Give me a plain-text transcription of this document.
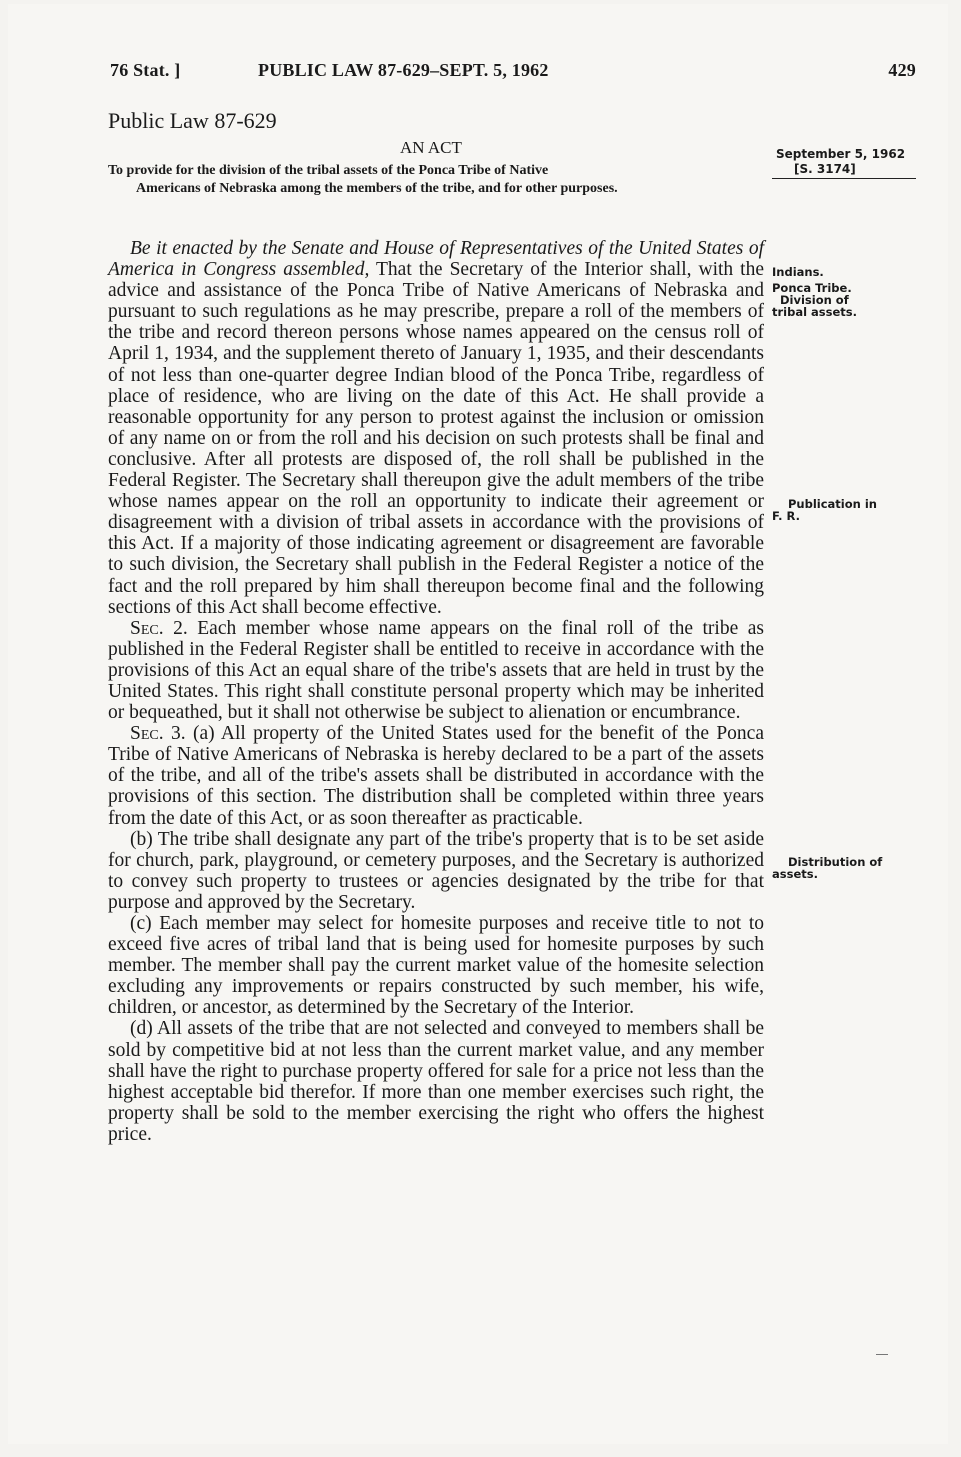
76 Stat. ]	PUBLIC LAW 87-629–SEPT. 5, 1962	429
Public Law 87-629
AN ACT
To provide for the division of the tribal assets of the Ponca Tribe of Native
Americans of Nebraska among the members of the tribe, and for other purposes.
September 5, 1962
[S. 3174]
Indians.
Ponca Tribe.
Division of
tribal assets.
Publication in
F. R.
Distribution of
assets.

Be it enacted by the Senate and House of Representatives of the United States of America in Congress assembled, That the Secretary of the Interior shall, with the advice and assistance of the Ponca Tribe of Native Americans of Nebraska and pursuant to such regulations as he may prescribe, prepare a roll of the members of the tribe and record thereon persons whose names appeared on the census roll of April 1, 1934, and the supplement thereto of January 1, 1935, and their descendants of not less than one-quarter degree Indian blood of the Ponca Tribe, regardless of place of residence, who are living on the date of this Act. He shall provide a reasonable opportunity for any person to protest against the inclusion or omission of any name on or from the roll and his decision on such protests shall be final and conclusive. After all protests are disposed of, the roll shall be published in the Federal Register. The Secretary shall thereupon give the adult members of the tribe whose names appear on the roll an opportunity to indicate their agreement or disagreement with a division of tribal assets in accordance with the provisions of this Act. If a majority of those indicating agreement or disagreement are favorable to such division, the Secretary shall publish in the Federal Register a notice of the fact and the roll prepared by him shall thereupon become final and the following sections of this Act shall become effective.

Sec. 2. Each member whose name appears on the final roll of the tribe as published in the Federal Register shall be entitled to receive in accordance with the provisions of this Act an equal share of the tribe's assets that are held in trust by the United States. This right shall constitute personal property which may be inherited or bequeathed, but it shall not otherwise be subject to alienation or encumbrance.

Sec. 3. (a) All property of the United States used for the benefit of the Ponca Tribe of Native Americans of Nebraska is hereby declared to be a part of the assets of the tribe, and all of the tribe's assets shall be distributed in accordance with the provisions of this section. The distribution shall be completed within three years from the date of this Act, or as soon thereafter as practicable.

(b) The tribe shall designate any part of the tribe's property that is to be set aside for church, park, playground, or cemetery purposes, and the Secretary is authorized to convey such property to trustees or agencies designated by the tribe for that purpose and approved by the Secretary.

(c) Each member may select for homesite purposes and receive title to not to exceed five acres of tribal land that is being used for homesite purposes by such member. The member shall pay the current market value of the homesite selection excluding any improvements or repairs constructed by such member, his wife, children, or ancestor, as determined by the Secretary of the Interior.

(d) All assets of the tribe that are not selected and conveyed to members shall be sold by competitive bid at not less than the current market value, and any member shall have the right to purchase property offered for sale for a price not less than the highest acceptable bid therefor. If more than one member exercises such right, the property shall be sold to the member exercising the right who offers the highest price.
